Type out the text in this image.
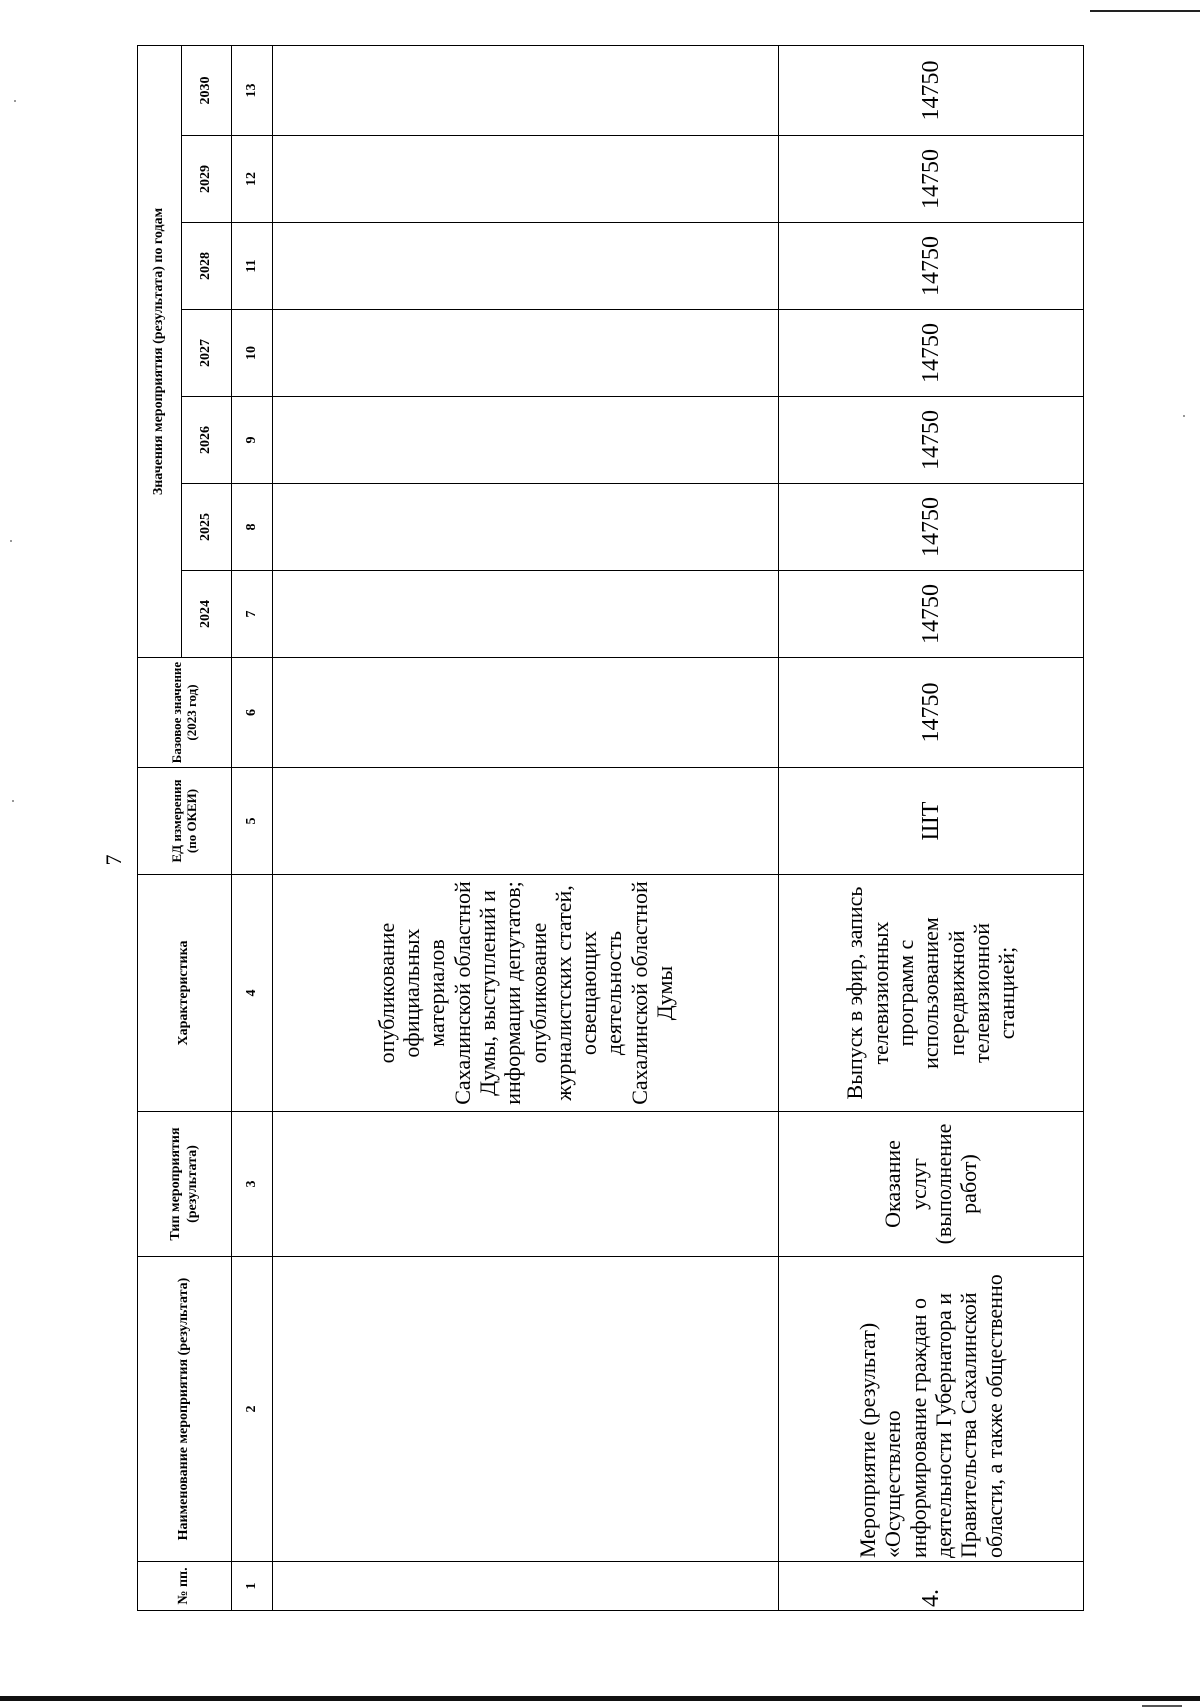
7
№ пп.	Наименование мероприятия (результата)	Тип мероприятия (результата)	Характеристика	ЕД измерения (по ОКЕИ)	Базовое значение (2023 год)	Значения мероприятия (результата) по годам						
						2024	2025	2026	2027	2028	2029	2030
1	2	3	4	5	6	7	8	9	10	11	12	13
			опубликование официальных материалов Сахалинской областной Думы, выступлений и информации депутатов; опубликование журналистских статей, освещающих деятельность Сахалинской областной Думы									
4.	Мероприятие (результат) «Осуществлено информирование граждан о деятельности Губернатора и Правительства Сахалинской области, а также общественно	Оказание услуг (выполнение работ)	Выпуск в эфир, запись телевизионных программ с использованием передвижной телевизионной станцией;	ШТ	14750	14750	14750	14750	14750	14750	14750	14750
